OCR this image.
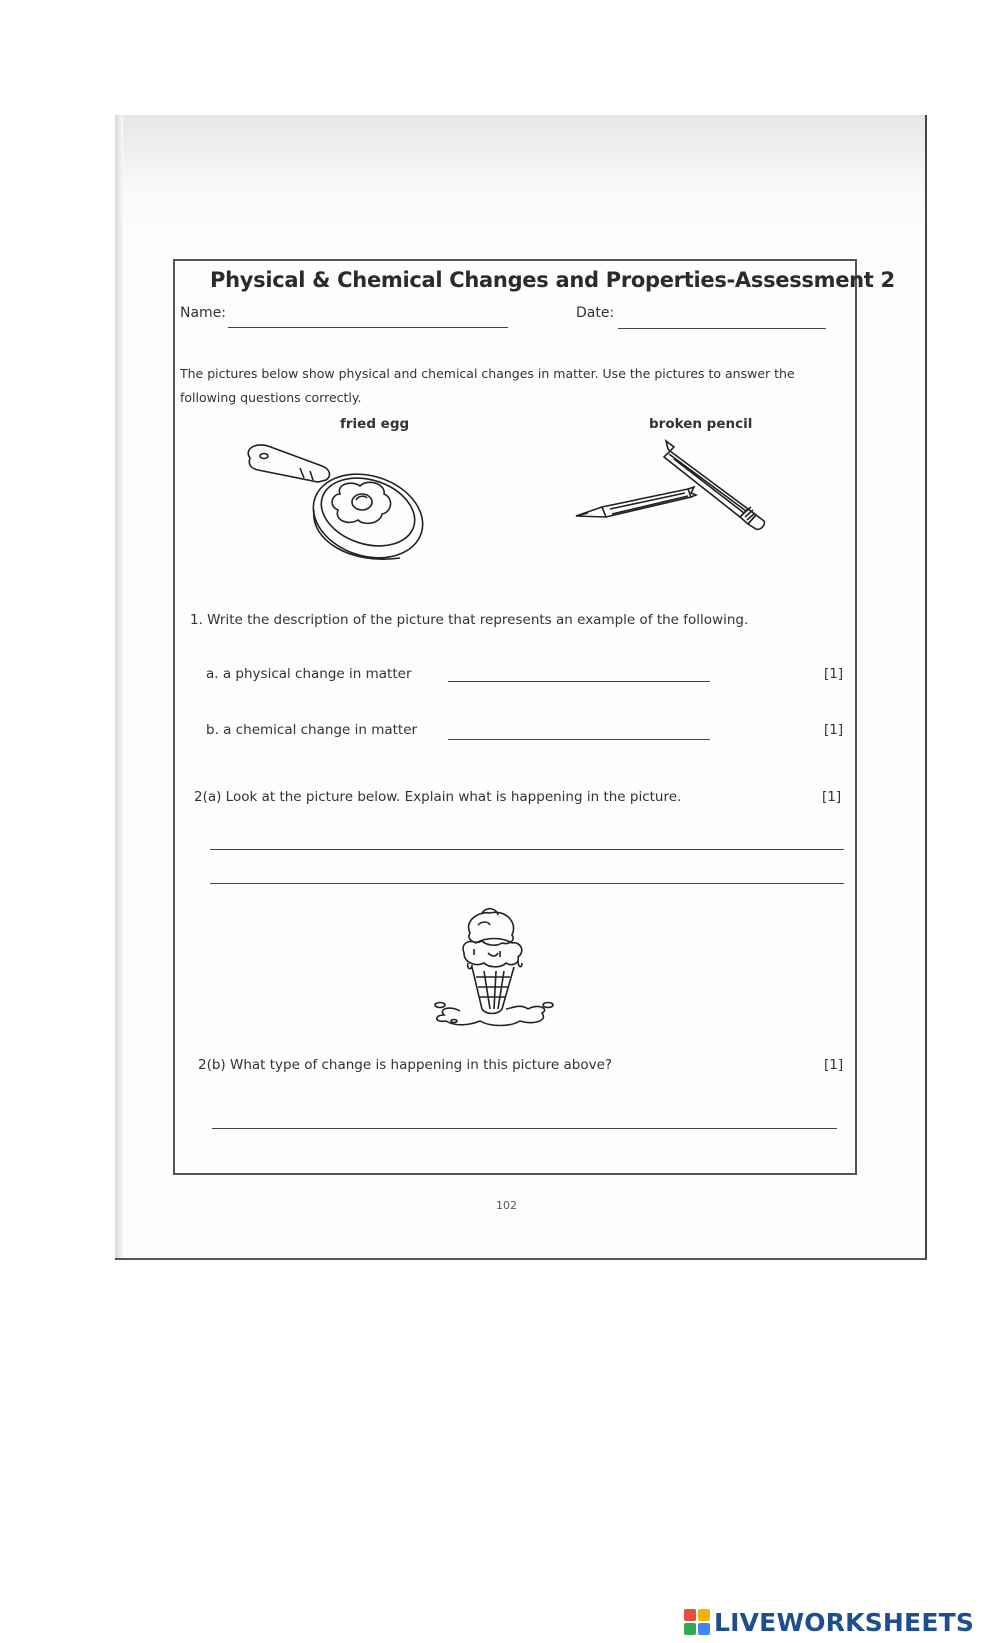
Physical & Chemical Changes and Properties-Assessment 2
Name:	Date:
The pictures below show physical and chemical changes in matter. Use the pictures to answer the
following questions correctly.
fried egg	broken pencil
1. Write the description of the picture that represents an example of the following.
a. a physical change in matter	[1]
b. a chemical change in matter	[1]
2(a) Look at the picture below. Explain what is happening in the picture.	[1]
2(b) What type of change is happening in this picture above?	[1]
102
LIVEWORKSHEETS
